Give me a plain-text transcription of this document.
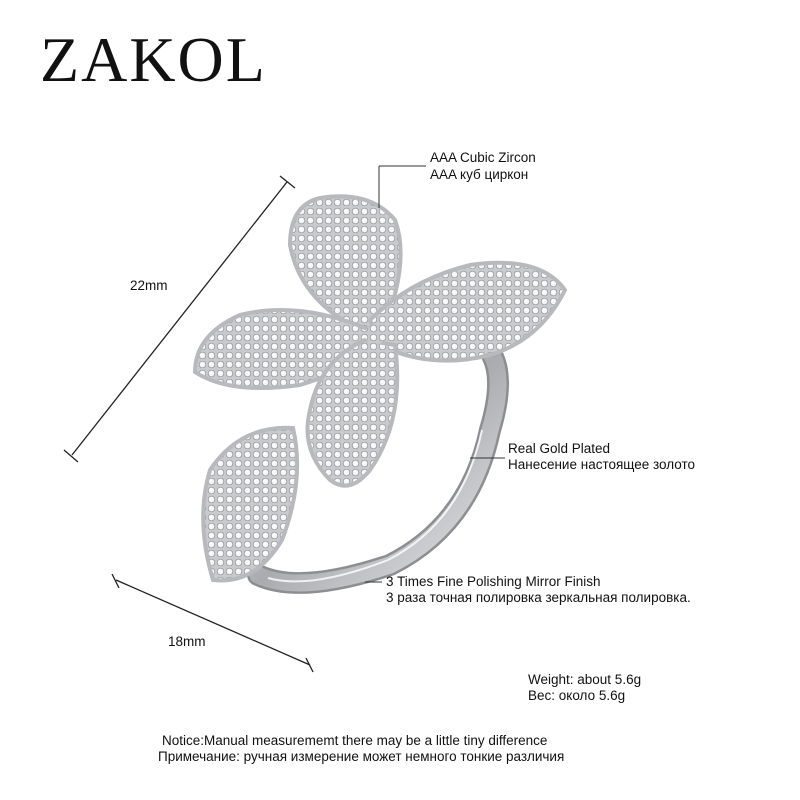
ZAKOL
22mm
18mm
AAA Cubic Zircon
AAA куб циркон
Real Gold Plated
Нанесение настоящее золото
3 Times Fine Polishing Mirror Finish
3 раза точная полировка зеркальная полировка.
Weight: about 5.6g
Вес: около 5.6g
Notice:Manual measurememt there may be a little tiny difference
Примечание: ручная измерение может немного тонкие различия
